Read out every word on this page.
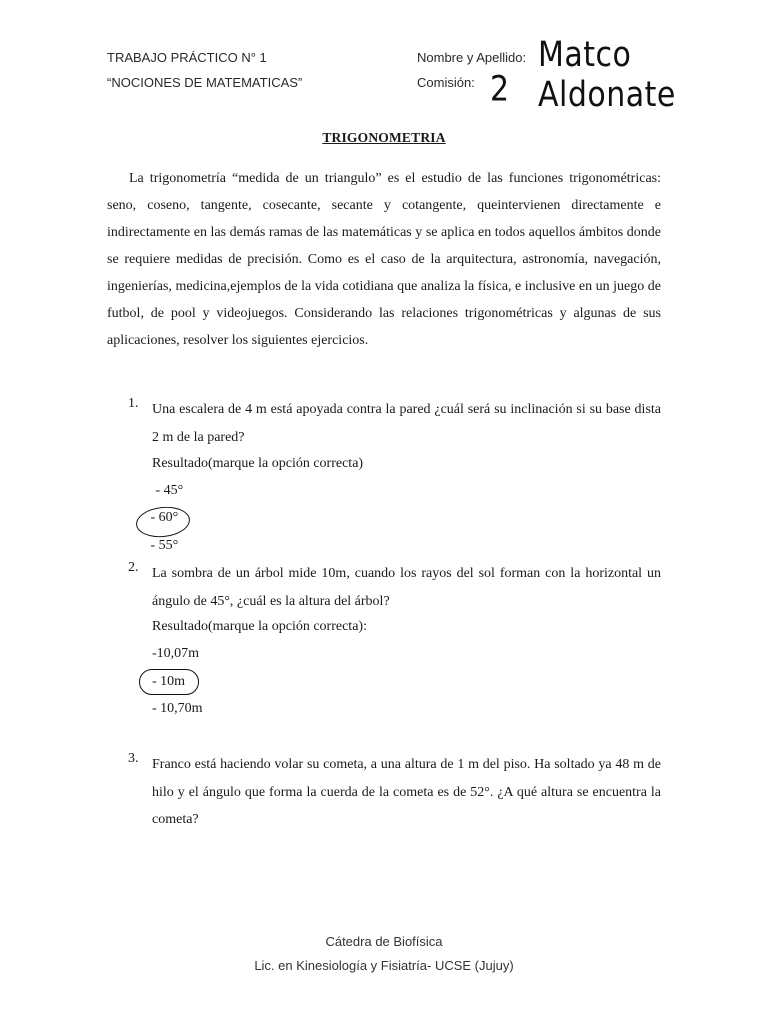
TRABAJO PRÁCTICO N° 1
“NOCIONES DE MATEMATICAS”
Nombre y Apellido:
Comisión:
Matco Aldonate
2
TRIGONOMETRIA

La trigonometría “medida de un triangulo” es el estudio de las funciones trigonométricas: seno, coseno, tangente, cosecante, secante y cotangente, queintervienen directamente e indirectamente en las demás ramas de las matemáticas y se aplica en todos aquellos ámbitos donde se requiere medidas de precisión. Como es el caso de la arquitectura, astronomía, navegación, ingenierías, medicina,ejemplos de la vida cotidiana que analiza la física, e inclusive en un juego de futbol, de pool y videojuegos. Considerando las relaciones trigonométricas y algunas de sus aplicaciones, resolver los siguientes ejercicios.

1. Una escalera de 4 m está apoyada contra la pared ¿cuál será su inclinación si su base dista 2 m de la pared?
Resultado(marque la opción correcta)
- 45°
- 60°
- 55°
2. La sombra de un árbol mide 10m, cuando los rayos del sol forman con la horizontal un ángulo de 45°, ¿cuál es la altura del árbol?
Resultado(marque la opción correcta):
-10,07m
- 10m
- 10,70m
3. Franco está haciendo volar su cometa, a una altura de 1 m del piso. Ha soltado ya 48 m de hilo y el ángulo que forma la cuerda de la cometa es de 52°. ¿A qué altura se encuentra la cometa?
Cátedra de Biofísica
Lic. en Kinesiología y Fisiatría- UCSE (Jujuy)
